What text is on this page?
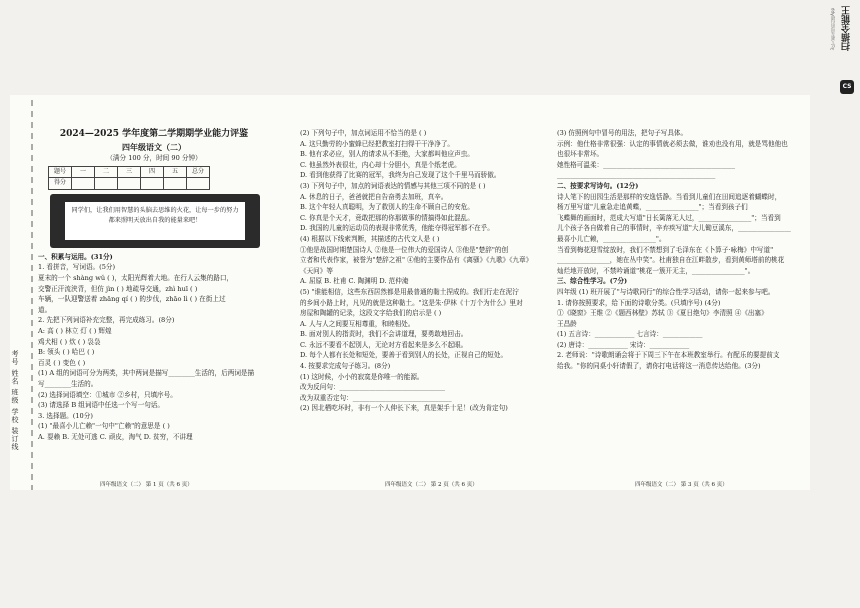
考号 姓名 班级 学校 装订线

2024—2025 学年度第二学期期学业能力评鉴

四年级语文（二）

（满分 100 分，时间 90 分钟）

题号	一	二	三	四	五	总分
得分						
同学们，让我们用智慧的头脑去思维的火花，让每一步的努力都来照明天放出自我的能量来吧！

一、积累与运用。(31分)

1. 看拼音，写词语。(5分)

夏末的一个 shàng wǔ ( )，太阳光辉着大地。在行人云集的路口，

交警正汗流浃背，但仿 jìn ( ) 地疏导交通，zhì huī ( )

车辆，一队迎警送着 zhāng qí ( ) 的步伐，zhāo lì ( ) 在街上过

道。

2. 先把下列词语补充完整，再完成练习。(8分)

A: 高 ( ) 林立 灯 ( ) 辉煌

鸡犬相 ( ) 炊 ( ) 袅袅

B: 领头 ( ) 哈巴 ( )

百灵 ( ) 变色 ( )

(1) A 组的词语可分为两类，其中两词是描写________生活的，后两词是描

写________生活的。

(2) 选择词语填空：①城市 ②乡村，只填序号。

(3) 请选择 B 组词语中任选一个写一句话。

3. 选择题。(10分)

(1) "最喜小儿亡赖"一句中"亡赖"的意思是 ( )

A. 耍赖 B. 无处可逃 C. 顽皮，淘气 D. 贫穷，不讲理

四年级语文（二） 第 1 页（共 6 页）

(2) 下列句子中，加点词运用不恰当的是 ( )

A. 这只勤劳的小蜜蜂已经把教室打扫得干干净净了。

B. 他有求必应，别人的请求从不拒绝，大家都叫他应声虫。

C. 他虽然外表很壮，内心却十分胆小，真是个纸老虎。

D. 看到他获得了比赛的冠军，我终为自己发现了这个千里马而骄傲。

(3) 下列句子中，加点的词语表达的情感与其他三项不同的是 ( )

A. 休息的日子，爸爸就把自告奋勇去加班，真辛。

B. 这个年轻人真聪明，为了救别人的生命不顾自己的安危。

C. 你真是个天才，竟敢把那的你那做事的情搞得如此混乱。

D. 我国的儿童的运动员的表现非常优秀，他能夺得冠军都不在乎。

(4) 根据以下线索判断，其描述的古代文人是 ( )

①他是战国时期楚国诗人 ②他是一位伟大的爱国诗人 ③他是"楚辞"的创

立者和代表作家，被誉为"楚辞之祖" ④他的主要作品有《离骚》《九歌》《九章》

《天问》等

A. 屈原 B. 杜甫 C. 陶渊明 D. 范仲淹

(5) "谁能相信，这些东西居然都是用最普通的黏土捏成的。我们行走在泥泞

的乡间小路上时，凡见的就是这种黏土。"这是朱·伊林《十万个为什么》里对

房屋和陶罐的记录，这段文字给我们的启示是 ( )

A. 人与人之间要互相尊重，和睦相处。

B. 面对别人的指责时，我们不会讲道理，要勇敢地回击。

C. 永远不要看不起别人，无论对方看起来是多么不起眼。

D. 每个人都有长处和短处，要善于看到别人的长处，正视自己的短处。

4. 按要求完成句子练习。(8分)

(1) 这时候，小小的寂寞是你唯一的能源。

改为反问句：________________________________

改为双重否定句：______________________________

(2) 因北栖吃坏时，非有一个人伸长下来，真是架手十足！(改为肯定句)

四年级语文（二） 第 2 页（共 6 页）

(3) 仿照例句中冒号的用法，把句子写具体。

示例：他仕格非常很强：认定的事情就必须去做，谁劝也没有用，就是骂他他也

也很坏非常坏。

她性格可温柔：________________________________________

________________________________________________

二、按要求写诗句。(12分)

诗人笔下的田园生活是那样的安逸恬静。当看到儿童们在田间追逐着蝴蝶时，

杨万里写道"儿童急走追黄蝶，________________"；当看到孩子们

飞蝶舞的画面时，范成大写道"日长篱落无人过，________________"；当看到

儿个孩子各自做着自己的事情时，辛弃疾写道"大儿锄豆溪东，________________

最喜小儿亡赖，________________"。

当看到梅花迎雪绽放时，我们不禁想到了毛泽东在《卜算子·咏梅》中写道"

________________，她在丛中笑"。杜甫独自在江畔散步，看到黄师塔前的桃花

灿烂地开放时，不禁吟诵道"桃花一簇开无主，________________"。

三、综合性学习。(7分)

四年级 (1) 班开展了"与诗歌同行"的综合性学习活动，请你一起来参与吧。

1. 请你按照要求，给下面的诗歌分类。(只填序号) (4分)

①《晓窗》王维 ②《题西林壁》苏轼 ③《夏日绝句》李清照 ④《出塞》

王昌龄

(1) 五言诗：____________ 七言诗：____________

(2) 唐诗：____________ 宋诗：____________

2. 老师说："诗歌朗诵会将于下周三下午在本班教室举行。有配乐的要提前支

给我。"你的同桌小轩请假了，请你打电话将这一消息传达给他。(3分)

四年级语文（二） 第 3 页（共 6 页）
CS
扫描全能王
3亿人都在用的扫描App
